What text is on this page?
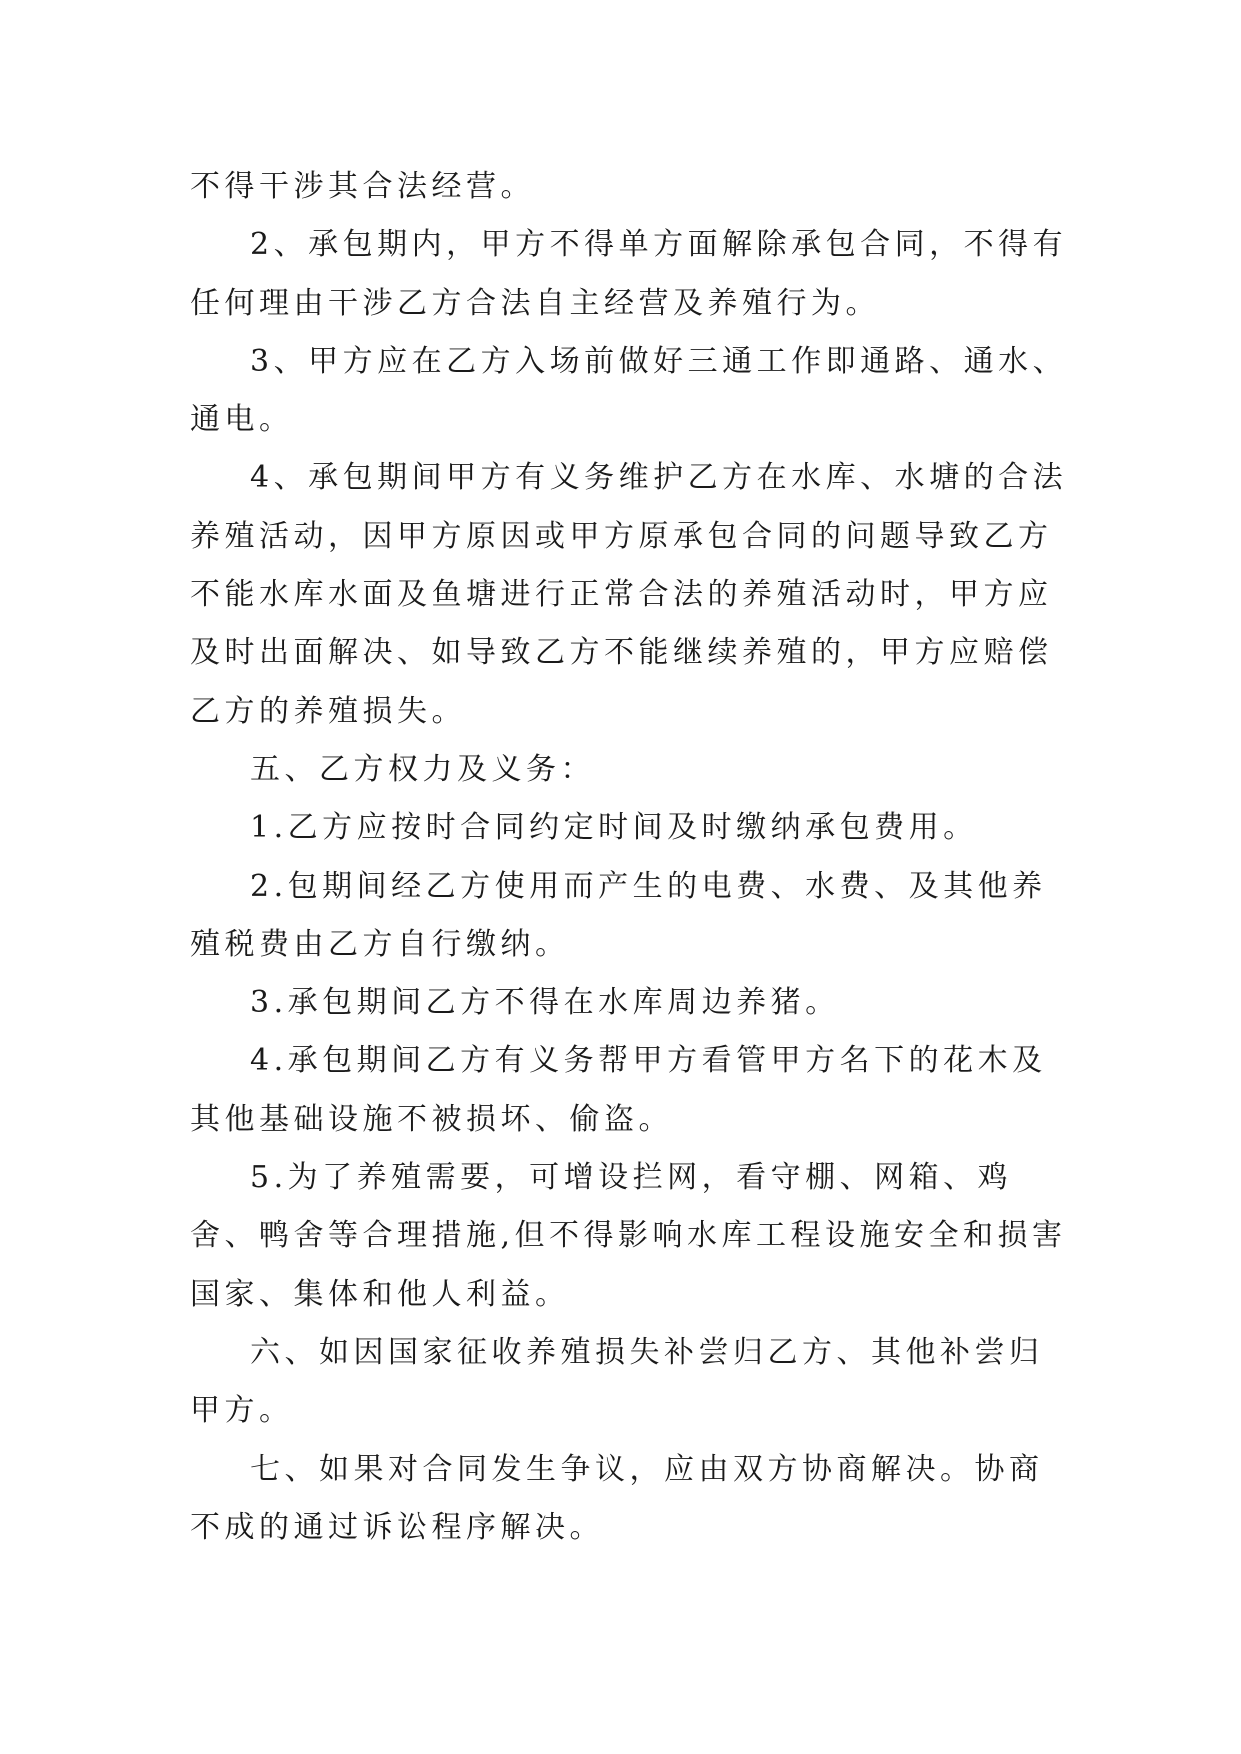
不得干涉其合法经营。

2、承包期内，甲方不得单方面解除承包合同，不得有任何理由干涉乙方合法自主经营及养殖行为。

3、甲方应在乙方入场前做好三通工作即通路、通水、通电。

4、承包期间甲方有义务维护乙方在水库、水塘的合法养殖活动，因甲方原因或甲方原承包合同的问题导致乙方不能水库水面及鱼塘进行正常合法的养殖活动时，甲方应及时出面解决、如导致乙方不能继续养殖的，甲方应赔偿乙方的养殖损失。

五、乙方权力及义务：

1.乙方应按时合同约定时间及时缴纳承包费用。

2.包期间经乙方使用而产生的电费、水费、及其他养殖税费由乙方自行缴纳。

3.承包期间乙方不得在水库周边养猪。

4.承包期间乙方有义务帮甲方看管甲方名下的花木及其他基础设施不被损坏、偷盗。

5.为了养殖需要，可增设拦网，看守棚、网箱、鸡舍、鸭舍等合理措施,但不得影响水库工程设施安全和损害国家、集体和他人利益。

六、如因国家征收养殖损失补尝归乙方、其他补尝归甲方。

七、如果对合同发生争议，应由双方协商解决。协商不成的通过诉讼程序解决。
